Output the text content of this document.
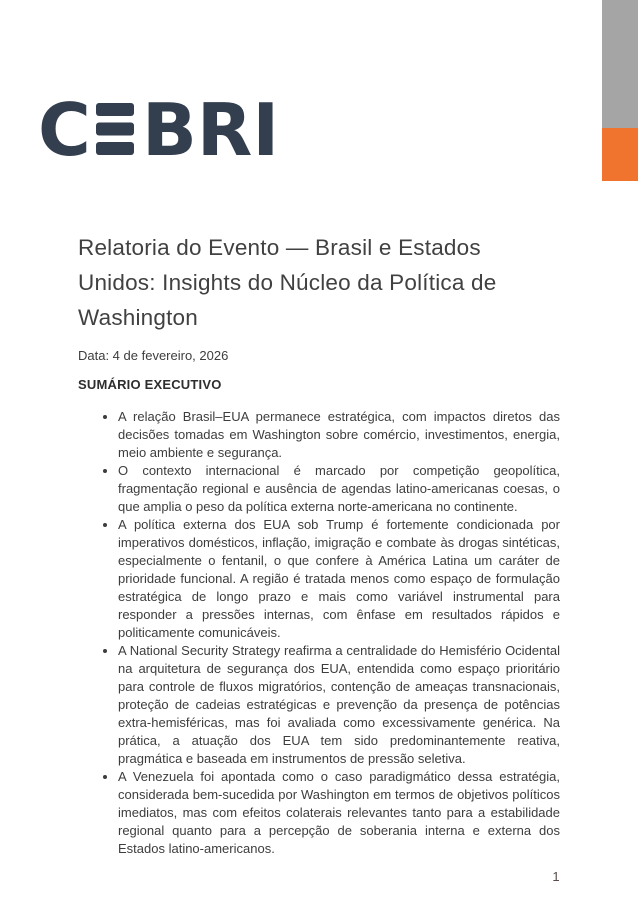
C BRI
Relatoria do Evento — Brasil e Estados Unidos: Insights do Núcleo da Política de Washington
Data: 4 de fevereiro, 2026
SUMÁRIO EXECUTIVO
• A relação Brasil–EUA permanece estratégica, com impactos diretos das decisões tomadas em Washington sobre comércio, investimentos, energia, meio ambiente e segurança.
• O contexto internacional é marcado por competição geopolítica, fragmentação regional e ausência de agendas latino-americanas coesas, o que amplia o peso da política externa norte-americana no continente.
• A política externa dos EUA sob Trump é fortemente condicionada por imperativos domésticos, inflação, imigração e combate às drogas sintéticas, especialmente o fentanil, o que confere à América Latina um caráter de prioridade funcional. A região é tratada menos como espaço de formulação estratégica de longo prazo e mais como variável instrumental para responder a pressões internas, com ênfase em resultados rápidos e politicamente comunicáveis.
• A National Security Strategy reafirma a centralidade do Hemisfério Ocidental na arquitetura de segurança dos EUA, entendida como espaço prioritário para controle de fluxos migratórios, contenção de ameaças transnacionais, proteção de cadeias estratégicas e prevenção da presença de potências extra-hemisféricas, mas foi avaliada como excessivamente genérica. Na prática, a atuação dos EUA tem sido predominantemente reativa, pragmática e baseada em instrumentos de pressão seletiva.
• A Venezuela foi apontada como o caso paradigmático dessa estratégia, considerada bem-sucedida por Washington em termos de objetivos políticos imediatos, mas com efeitos colaterais relevantes tanto para a estabilidade regional quanto para a percepção de soberania interna e externa dos Estados latino-americanos.
1
